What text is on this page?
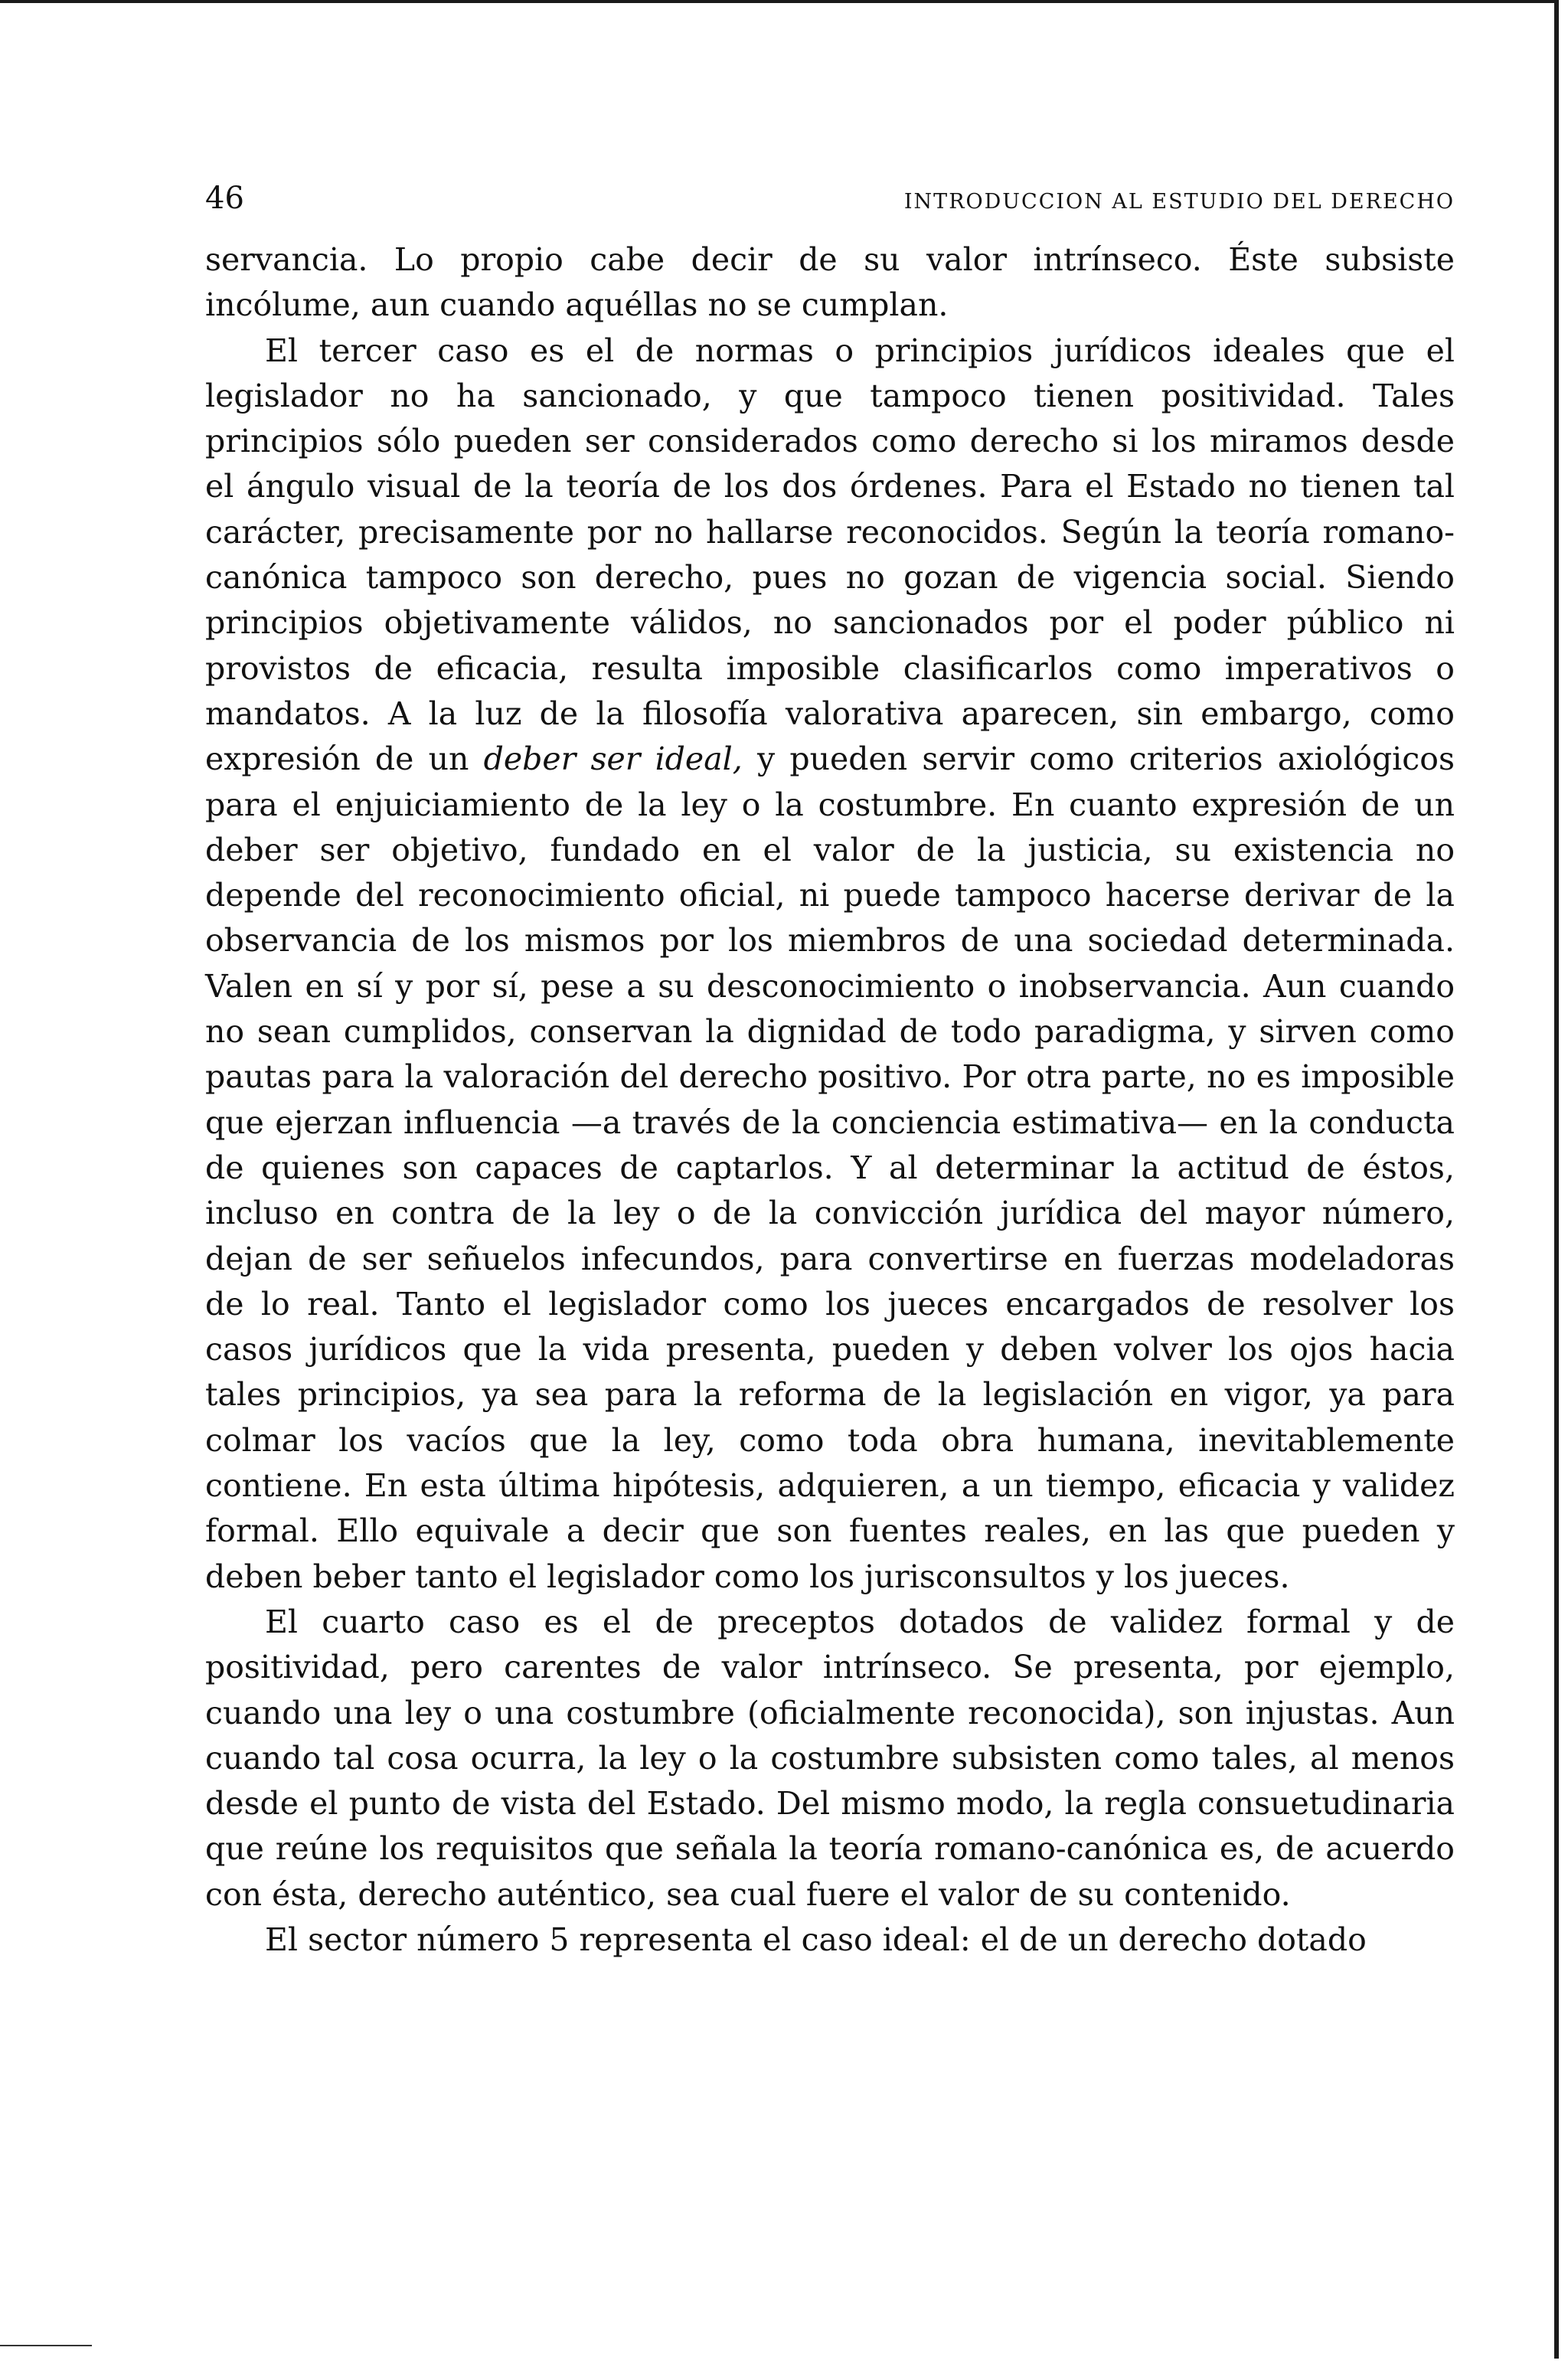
46	INTRODUCCION AL ESTUDIO DEL DERECHO

servancia. Lo propio cabe decir de su valor intrínseco. Éste subsiste incólume, aun cuando aquéllas no se cumplan.

El tercer caso es el de normas o principios jurídicos ideales que el legislador no ha sancionado, y que tampoco tienen positividad. Tales principios sólo pueden ser considerados como derecho si los miramos desde el ángulo visual de la teoría de los dos órdenes. Para el Estado no tienen tal carácter, precisamente por no hallarse reconocidos. Según la teoría romano-canónica tampoco son derecho, pues no gozan de vigencia social. Siendo principios objetivamente válidos, no sancionados por el poder público ni provistos de eficacia, resulta imposible clasificarlos como imperativos o mandatos. A la luz de la filosofía valorativa aparecen, sin embargo, como expresión de un deber ser ideal, y pueden servir como criterios axiológicos para el enjuiciamiento de la ley o la costumbre. En cuanto expresión de un deber ser objetivo, fundado en el valor de la justicia, su existencia no depende del reconocimiento oficial, ni puede tampoco hacerse derivar de la observancia de los mismos por los miembros de una sociedad determinada. Valen en sí y por sí, pese a su desconocimiento o inobservancia. Aun cuando no sean cumplidos, conservan la dignidad de todo paradigma, y sirven como pautas para la valoración del derecho positivo. Por otra parte, no es imposible que ejerzan influencia —a través de la conciencia estimativa— en la conducta de quienes son capaces de captarlos. Y al determinar la actitud de éstos, incluso en contra de la ley o de la convicción jurídica del mayor número, dejan de ser señuelos infecundos, para convertirse en fuerzas modeladoras de lo real. Tanto el legislador como los jueces encargados de resolver los casos jurídicos que la vida presenta, pueden y deben volver los ojos hacia tales principios, ya sea para la reforma de la legislación en vigor, ya para colmar los vacíos que la ley, como toda obra humana, inevitablemente contiene. En esta última hipótesis, adquieren, a un tiempo, eficacia y validez formal. Ello equivale a decir que son fuentes reales, en las que pueden y deben beber tanto el legislador como los jurisconsultos y los jueces.

El cuarto caso es el de preceptos dotados de validez formal y de positividad, pero carentes de valor intrínseco. Se presenta, por ejemplo, cuando una ley o una costumbre (oficialmente reconocida), son injustas. Aun cuando tal cosa ocurra, la ley o la costumbre subsisten como tales, al menos desde el punto de vista del Estado. Del mismo modo, la regla consuetudinaria que reúne los requisitos que señala la teoría romano-canónica es, de acuerdo con ésta, derecho auténtico, sea cual fuere el valor de su contenido.

El sector número 5 representa el caso ideal: el de un derecho dotado
